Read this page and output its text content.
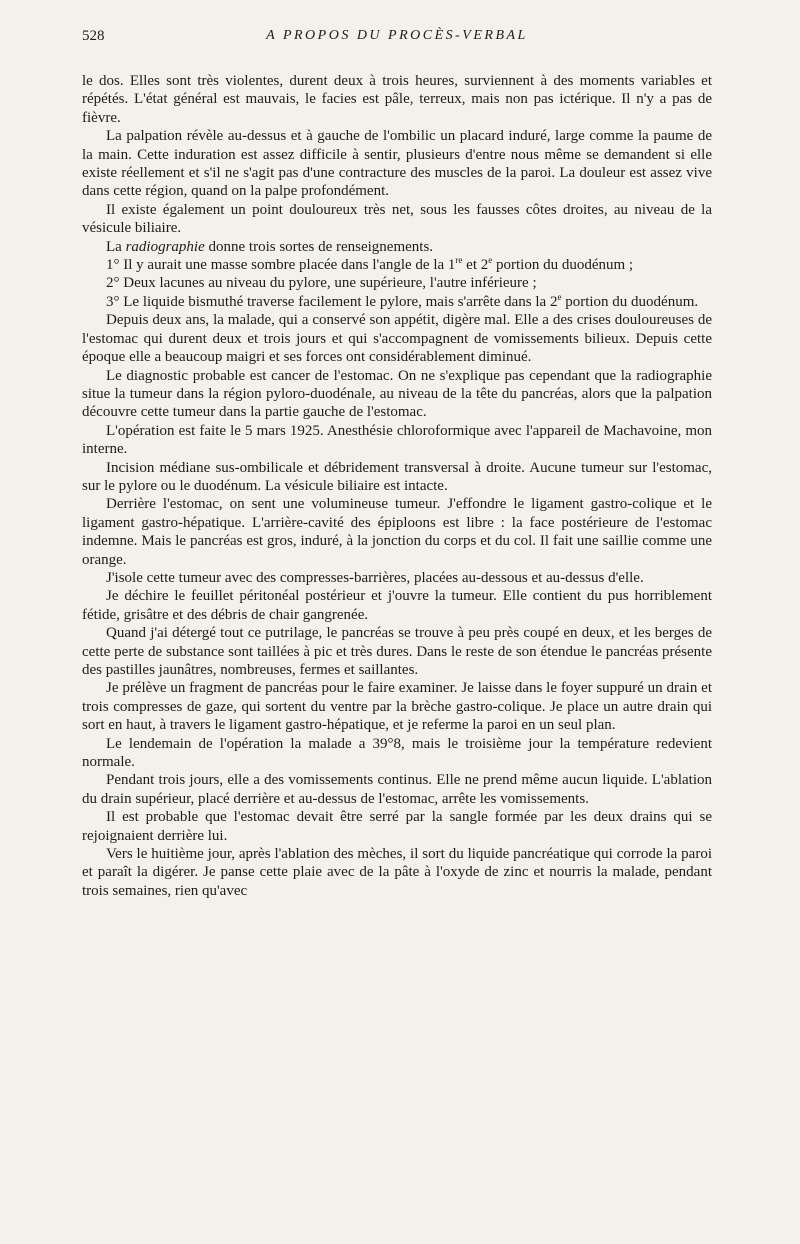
528	A PROPOS DU PROCÈS-VERBAL

le dos. Elles sont très violentes, durent deux à trois heures, surviennent à des moments variables et répétés. L'état général est mauvais, le facies est pâle, terreux, mais non pas ictérique. Il n'y a pas de fièvre.

La palpation révèle au-dessus et à gauche de l'ombilic un placard induré, large comme la paume de la main. Cette induration est assez difficile à sentir, plusieurs d'entre nous même se demandent si elle existe réellement et s'il ne s'agit pas d'une contracture des muscles de la paroi. La douleur est assez vive dans cette région, quand on la palpe profondément.

Il existe également un point douloureux très net, sous les fausses côtes droites, au niveau de la vésicule biliaire.

La radiographie donne trois sortes de renseignements.

1° Il y aurait une masse sombre placée dans l'angle de la 1re et 2e portion du duodénum ;

2° Deux lacunes au niveau du pylore, une supérieure, l'autre inférieure ;

3° Le liquide bismuthé traverse facilement le pylore, mais s'arrête dans la 2e portion du duodénum.

Depuis deux ans, la malade, qui a conservé son appétit, digère mal. Elle a des crises douloureuses de l'estomac qui durent deux et trois jours et qui s'accompagnent de vomissements bilieux. Depuis cette époque elle a beaucoup maigri et ses forces ont considérablement diminué.

Le diagnostic probable est cancer de l'estomac. On ne s'explique pas cependant que la radiographie situe la tumeur dans la région pyloro-duodénale, au niveau de la tête du pancréas, alors que la palpation découvre cette tumeur dans la partie gauche de l'estomac.

L'opération est faite le 5 mars 1925. Anesthésie chloroformique avec l'appareil de Machavoine, mon interne.

Incision médiane sus-ombilicale et débridement transversal à droite. Aucune tumeur sur l'estomac, sur le pylore ou le duodénum. La vésicule biliaire est intacte.

Derrière l'estomac, on sent une volumineuse tumeur. J'effondre le ligament gastro-colique et le ligament gastro-hépatique. L'arrière-cavité des épiploons est libre : la face postérieure de l'estomac indemne. Mais le pancréas est gros, induré, à la jonction du corps et du col. Il fait une saillie comme une orange.

J'isole cette tumeur avec des compresses-barrières, placées au-dessous et au-dessus d'elle.

Je déchire le feuillet péritonéal postérieur et j'ouvre la tumeur. Elle contient du pus horriblement fétide, grisâtre et des débris de chair gangrenée.

Quand j'ai détergé tout ce putrilage, le pancréas se trouve à peu près coupé en deux, et les berges de cette perte de substance sont taillées à pic et très dures. Dans le reste de son étendue le pancréas présente des pastilles jaunâtres, nombreuses, fermes et saillantes.

Je prélève un fragment de pancréas pour le faire examiner. Je laisse dans le foyer suppuré un drain et trois compresses de gaze, qui sortent du ventre par la brèche gastro-colique. Je place un autre drain qui sort en haut, à travers le ligament gastro-hépatique, et je referme la paroi en un seul plan.

Le lendemain de l'opération la malade a 39°8, mais le troisième jour la température redevient normale.

Pendant trois jours, elle a des vomissements continus. Elle ne prend même aucun liquide. L'ablation du drain supérieur, placé derrière et au-dessus de l'estomac, arrête les vomissements.

Il est probable que l'estomac devait être serré par la sangle formée par les deux drains qui se rejoignaient derrière lui.

Vers le huitième jour, après l'ablation des mèches, il sort du liquide pancréatique qui corrode la paroi et paraît la digérer. Je panse cette plaie avec de la pâte à l'oxyde de zinc et nourris la malade, pendant trois semaines, rien qu'avec
